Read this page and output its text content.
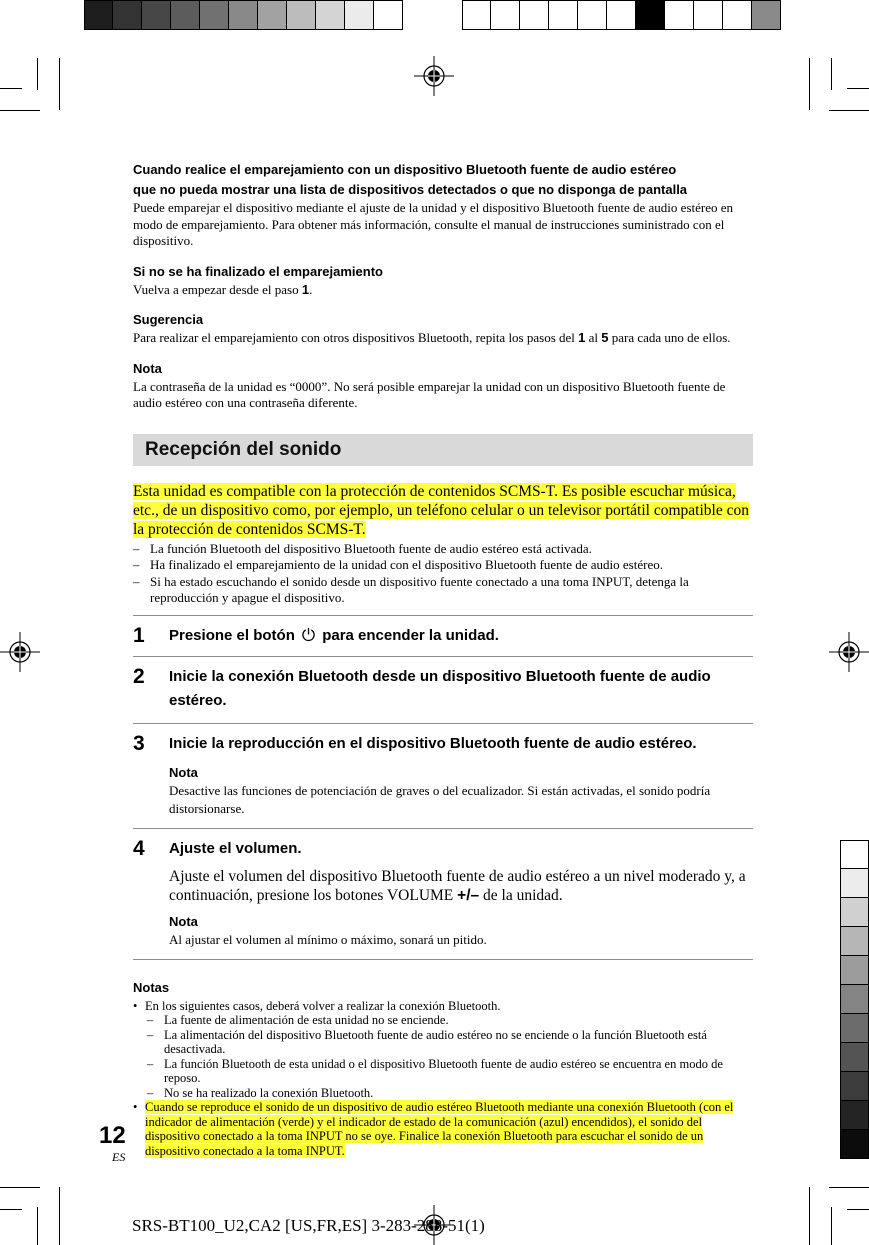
Cuando realice el emparejamiento con un dispositivo Bluetooth fuente de audio estéreo
que no pueda mostrar una lista de dispositivos detectados o que no disponga de pantalla

Puede emparejar el dispositivo mediante el ajuste de la unidad y el dispositivo Bluetooth fuente de audio estéreo en modo de emparejamiento. Para obtener más información, consulte el manual de instrucciones suministrado con el dispositivo.

Si no se ha finalizado el emparejamiento

Vuelva a empezar desde el paso 1.

Sugerencia

Para realizar el emparejamiento con otros dispositivos Bluetooth, repita los pasos del 1 al 5 para cada uno de ellos.

Nota

La contraseña de la unidad es “0000”. No será posible emparejar la unidad con un dispositivo Bluetooth fuente de audio estéreo con una contraseña diferente.

Recepción del sonido

Esta unidad es compatible con la protección de contenidos SCMS-T. Es posible escuchar música, etc., de un dispositivo como, por ejemplo, un teléfono celular o un televisor portátil compatible con la protección de contenidos SCMS-T.

– La función Bluetooth del dispositivo Bluetooth fuente de audio estéreo está activada.
– Ha finalizado el emparejamiento de la unidad con el dispositivo Bluetooth fuente de audio estéreo.
– Si ha estado escuchando el sonido desde un dispositivo fuente conectado a una toma INPUT, detenga la reproducción y apague el dispositivo.
1	Presione el botón  para encender la unidad.
2	Inicie la conexión Bluetooth desde un dispositivo Bluetooth fuente de audio estéreo.
3	Inicie la reproducción en el dispositivo Bluetooth fuente de audio estéreo.
Nota
Desactive las funciones de potenciación de graves o del ecualizador. Si están activadas, el sonido podría distorsionarse.
4	Ajuste el volumen.

Ajuste el volumen del dispositivo Bluetooth fuente de audio estéreo a un nivel moderado y, a continuación, presione los botones VOLUME +/– de la unidad.

Nota
Al ajustar el volumen al mínimo o máximo, sonará un pitido.
Notas
• En los siguientes casos, deberá volver a realizar la conexión Bluetooth.
– La fuente de alimentación de esta unidad no se enciende.
– La alimentación del dispositivo Bluetooth fuente de audio estéreo no se enciende o la función Bluetooth está desactivada.
– La función Bluetooth de esta unidad o el dispositivo Bluetooth fuente de audio estéreo se encuentra en modo de reposo.
– No se ha realizado la conexión Bluetooth.
• Cuando se reproduce el sonido de un dispositivo de audio estéreo Bluetooth mediante una conexión Bluetooth (con el indicador de alimentación (verde) y el indicador de estado de la comunicación (azul) encendidos), el sonido del dispositivo conectado a la toma INPUT no se oye. Finalice la conexión Bluetooth para escuchar el sonido de un dispositivo conectado a la toma INPUT.
12
ES
SRS-BT100_U2,CA2 [US,FR,ES] 3-283-288-51(1)
